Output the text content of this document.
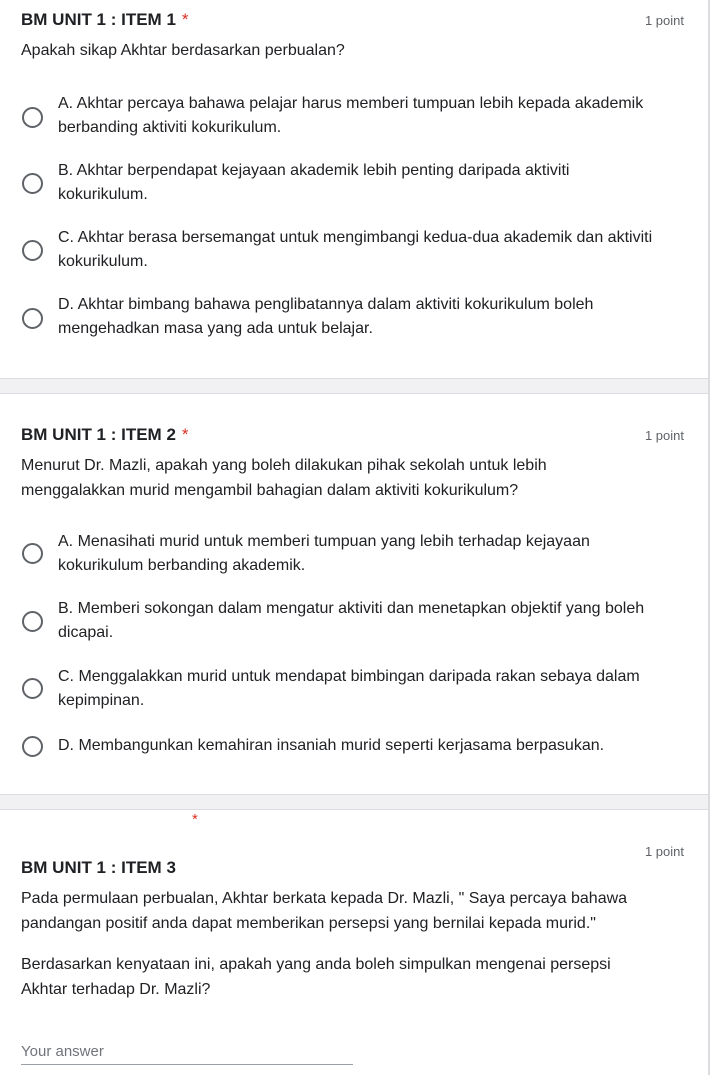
BM UNIT 1 : ITEM 1 *	1 point
Apakah sikap Akhtar berdasarkan perbualan?
A. Akhtar percaya bahawa pelajar harus memberi tumpuan lebih kepada akademik
berbanding aktiviti kokurikulum.
B. Akhtar berpendapat kejayaan akademik lebih penting daripada aktiviti
kokurikulum.
C. Akhtar berasa bersemangat untuk mengimbangi kedua-dua akademik dan aktiviti
kokurikulum.
D. Akhtar bimbang bahawa penglibatannya dalam aktiviti kokurikulum boleh
mengehadkan masa yang ada untuk belajar.
BM UNIT 1 : ITEM 2 *	1 point
Menurut Dr. Mazli, apakah yang boleh dilakukan pihak sekolah untuk lebih
menggalakkan murid mengambil bahagian dalam aktiviti kokurikulum?
A. Menasihati murid untuk memberi tumpuan yang lebih terhadap kejayaan
kokurikulum berbanding akademik.
B. Memberi sokongan dalam mengatur aktiviti dan menetapkan objektif yang boleh
dicapai.
C. Menggalakkan murid untuk mendapat bimbingan daripada rakan sebaya dalam
kepimpinan.
D. Membangunkan kemahiran insaniah murid seperti kerjasama berpasukan.
*
BM UNIT 1 : ITEM 3
1 point
Pada permulaan perbualan, Akhtar berkata kepada Dr. Mazli, " Saya percaya bahawa
pandangan positif anda dapat memberikan persepsi yang bernilai kepada murid."
Berdasarkan kenyataan ini, apakah yang anda boleh simpulkan mengenai persepsi
Akhtar terhadap Dr. Mazli?
Your answer
